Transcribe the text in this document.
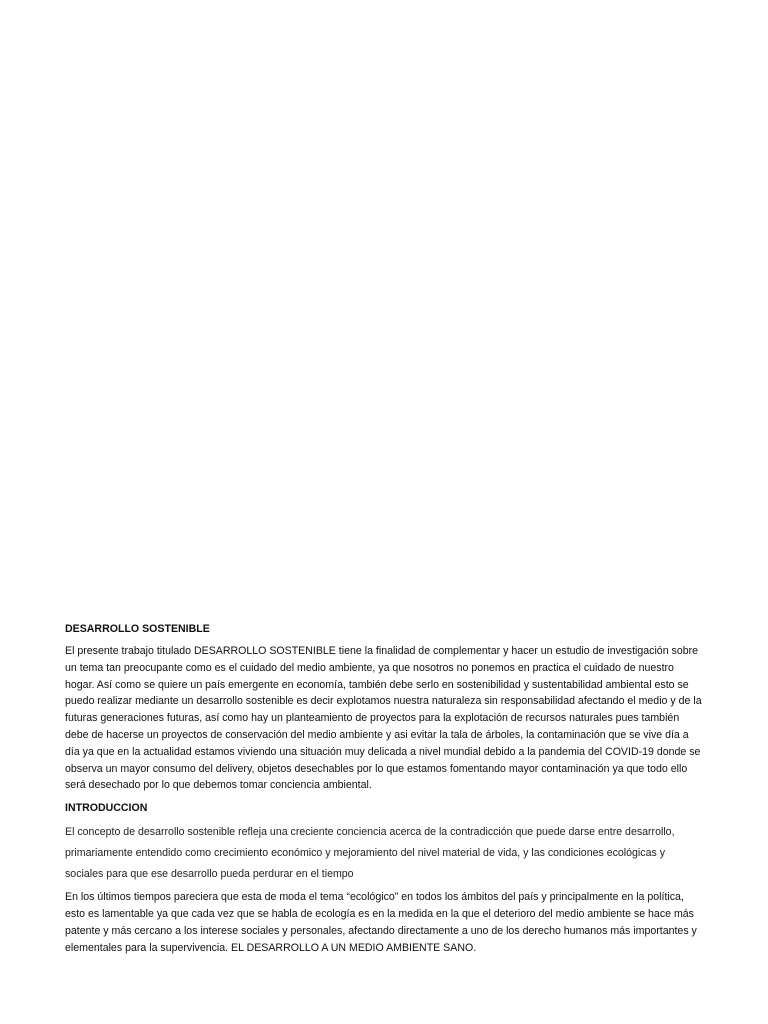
DESARROLLO SOSTENIBLE

El presente trabajo titulado DESARROLLO SOSTENIBLE tiene la finalidad de complementar y hacer un estudio de investigación sobre un tema tan preocupante como es el cuidado del medio ambiente, ya que nosotros no ponemos en practica el cuidado de nuestro hogar. Así como se quiere un país emergente en economía, también debe serlo en sostenibilidad y sustentabilidad ambiental esto se puedo realizar mediante un desarrollo sostenible es decir explotamos nuestra naturaleza sin responsabilidad afectando el medio y de la futuras generaciones futuras, así como hay un planteamiento de proyectos para la explotación de recursos naturales pues también debe de hacerse un proyectos de conservación del medio ambiente y asi evitar la tala de árboles, la contaminación que se vive día a día ya que en la actualidad estamos viviendo una situación muy delicada a nivel mundial debido a la pandemia del COVID-19 donde se observa un mayor consumo del delivery, objetos desechables por lo que estamos fomentando mayor contaminación ya que todo ello será desechado por lo que debemos tomar conciencia ambiental.

INTRODUCCION

El concepto de desarrollo sostenible refleja una creciente conciencia acerca de la contradicción que puede darse entre desarrollo, primariamente entendido como crecimiento económico y mejoramiento del nivel material de vida, y las condiciones ecológicas y sociales para que ese desarrollo pueda perdurar en el tiempo

En los últimos tiempos pareciera que esta de moda el tema “ecológico” en todos los ámbitos del país y principalmente en la política, esto es lamentable ya que cada vez que se habla de ecología es en la medida en la que el deterioro del medio ambiente se hace más patente y más cercano a los interese sociales y personales, afectando directamente a uno de los derecho humanos más importantes y elementales para la supervivencia. EL DESARROLLO A UN MEDIO AMBIENTE SANO.
